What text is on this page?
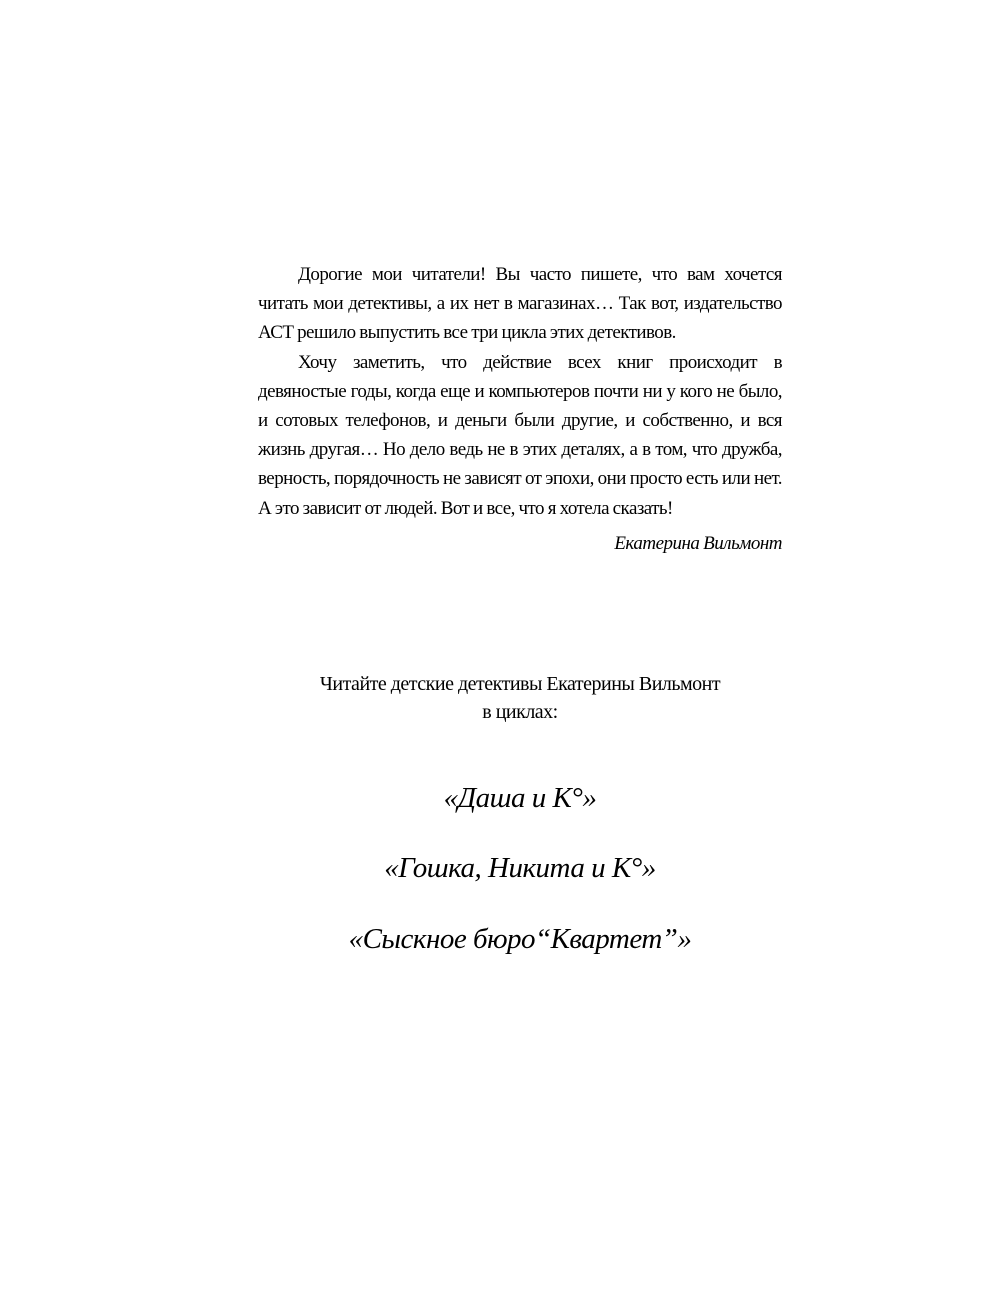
Дорогие мои читатели! Вы часто пишете, что вам хочется читать мои детективы, а их нет в магазинах… Так вот, издательство АСТ решило выпустить все три цикла этих детективов.

Хочу заметить, что действие всех книг происходит в девяностые годы, когда еще и компьютеров почти ни у кого не было, и сотовых телефонов, и деньги были другие, и собственно, и вся жизнь другая… Но дело ведь не в этих деталях, а в том, что дружба, верность, порядочность не зависят от эпохи, они просто есть или нет. А это зависит от людей. Вот и все, что я хотела сказать!

Екатерина Вильмонт
Читайте детские детективы Екатерины Вильмонт
в циклах:
«Даша и К°»
«Гошка, Никита и К°»
«Сыскное бюро“Квартет”»
